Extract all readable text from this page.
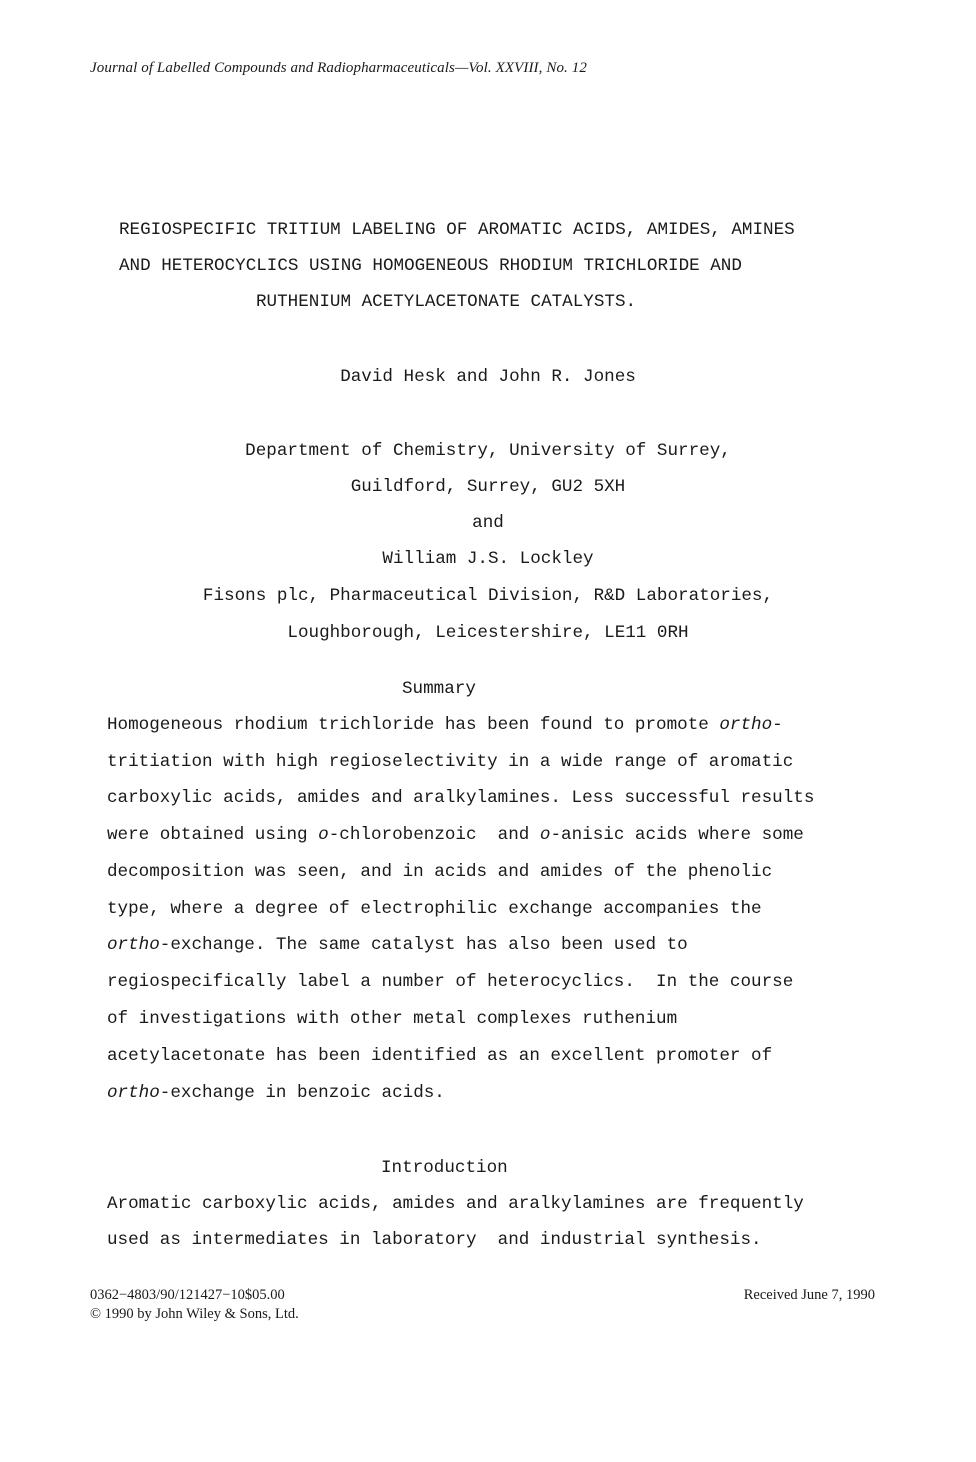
Journal of Labelled Compounds and Radiopharmaceuticals—Vol. XXVIII, No. 12
REGIOSPECIFIC TRITIUM LABELING OF AROMATIC ACIDS, AMIDES, AMINES
AND HETEROCYCLICS USING HOMOGENEOUS RHODIUM TRICHLORIDE AND
RUTHENIUM ACETYLACETONATE CATALYSTS.
David Hesk and John R. Jones
Department of Chemistry, University of Surrey,
Guildford, Surrey, GU2 5XH
and
William J.S. Lockley
Fisons plc, Pharmaceutical Division, R&D Laboratories,
Loughborough, Leicestershire, LE11 0RH
Summary
Homogeneous rhodium trichloride has been found to promote ortho-
tritiation with high regioselectivity in a wide range of aromatic
carboxylic acids, amides and aralkylamines. Less successful results
were obtained using o-chlorobenzoic  and o-anisic acids where some
decomposition was seen, and in acids and amides of the phenolic
type, where a degree of electrophilic exchange accompanies the
ortho-exchange. The same catalyst has also been used to
regiospecifically label a number of heterocyclics.  In the course
of investigations with other metal complexes ruthenium
acetylacetonate has been identified as an excellent promoter of
ortho-exchange in benzoic acids.
Introduction
Aromatic carboxylic acids, amides and aralkylamines are frequently
used as intermediates in laboratory  and industrial synthesis.
0362−4803/90/121427−10$05.00
© 1990 by John Wiley & Sons, Ltd.
Received June 7, 1990
